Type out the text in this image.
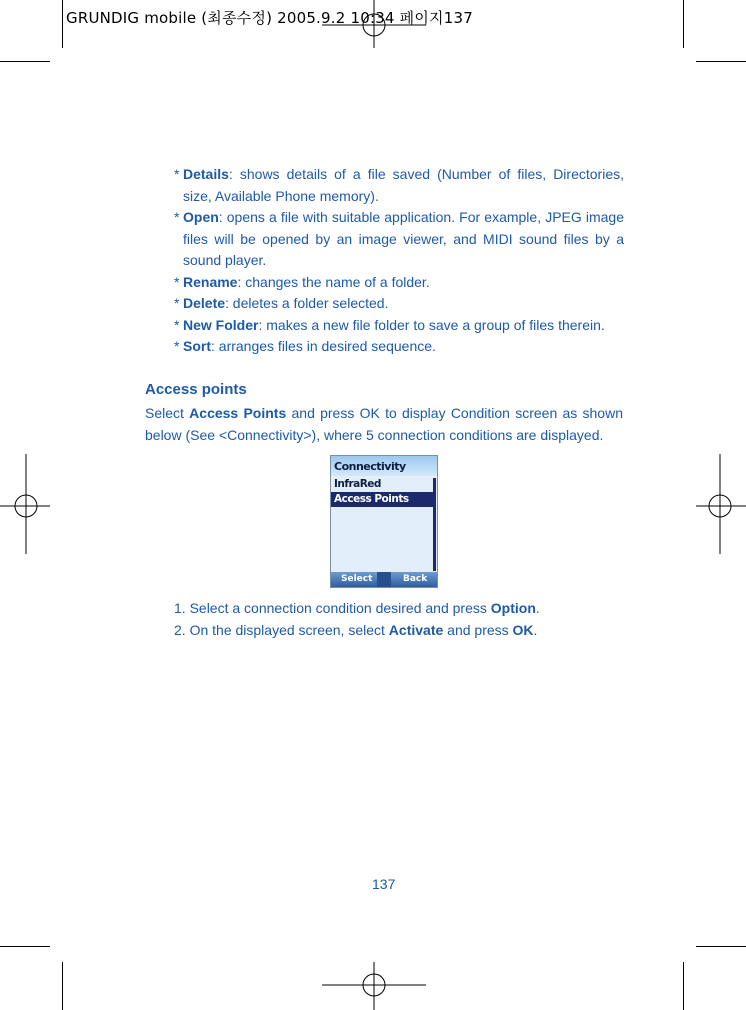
GRUNDIG mobile (최종수정) 2005.9.2 10:34 페이지137
* Details: shows details of a file saved (Number of files, Directories, size, Available Phone memory).
* Open: opens a file with suitable application. For example, JPEG image files will be opened by an image viewer, and MIDI sound files by a sound player.
* Rename: changes the name of a folder.
* Delete: deletes a folder selected.
* New Folder: makes a new file folder to save a group of files therein.
* Sort: arranges files in desired sequence.
Access points
Select Access Points and press OK to display Condition screen as shown below (See <Connectivity>), where 5 connection conditions are displayed.
Connectivity
InfraRed
Access Points
Select	Back
1. Select a connection condition desired and press Option.
2. On the displayed screen, select Activate and press OK.
137
